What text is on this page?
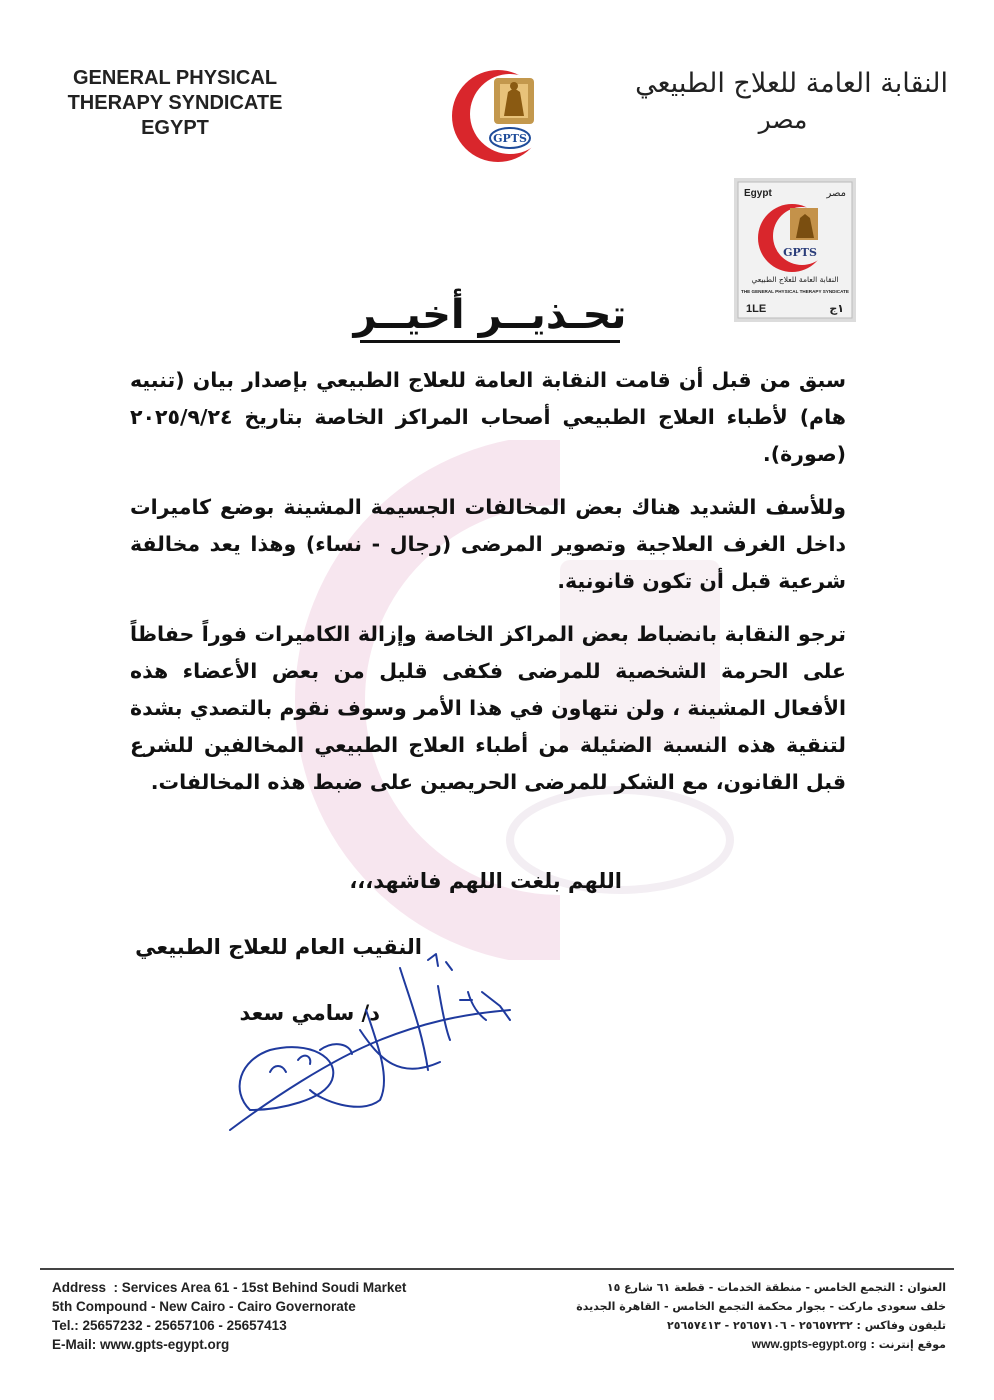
GENERAL PHYSICAL
THERAPY SYNDICATE
EGYPT	GPTS
النقابة العامة للعلاج الطبيعي
مصر
Egypt	مصر
GPTS
النقابة العامة للعلاج الطبيعي
THE GENERAL PHYSICAL THERAPY SYNDICATE
1LE	١ج
تحـذيــر أخيــر

سبق من قبل أن قامت النقابة العامة للعلاج الطبيعي بإصدار بيان (تنبيه هام) لأطباء العلاج الطبيعي أصحاب المراكز الخاصة بتاريخ ٢٠٢٥/٩/٢٤ (صورة).

وللأسف الشديد هناك بعض المخالفات الجسيمة المشينة بوضع كاميرات داخل الغرف العلاجية وتصوير المرضى (رجال - نساء) وهذا يعد مخالفة شرعية قبل أن تكون قانونية.

ترجو النقابة بانضباط بعض المراكز الخاصة وإزالة الكاميرات فوراً حفاظاً على الحرمة الشخصية للمرضى فكفى قليل من بعض الأعضاء هذه الأفعال المشينة ، ولن نتهاون في هذا الأمر وسوف نقوم بالتصدي بشدة لتنقية هذه النسبة الضئيلة من أطباء العلاج الطبيعي المخالفين للشرع قبل القانون، مع الشكر للمرضى الحريصين على ضبط هذه المخالفات.

اللهم بلغت اللهم فاشهد،،،
النقيب العام للعلاج الطبيعي
د/ سامي سعد
Address  : Services Area 61 - 15st Behind Soudi Market
5th Compound - New Cairo - Cairo Governorate
Tel.: 25657232 - 25657106 - 25657413
E-Mail: www.gpts-egypt.org
العنوان : التجمع الخامس - منطقة الخدمات - قطعة ٦١ شارع ١٥
خلف سعودى ماركت - بجوار محكمة التجمع الخامس - القاهرة الجديدة
تليفون وفاكس : ٢٥٦٥٧٢٣٢ - ٢٥٦٥٧١٠٦ - ٢٥٦٥٧٤١٣
موقع إنترنت : www.gpts-egypt.org
